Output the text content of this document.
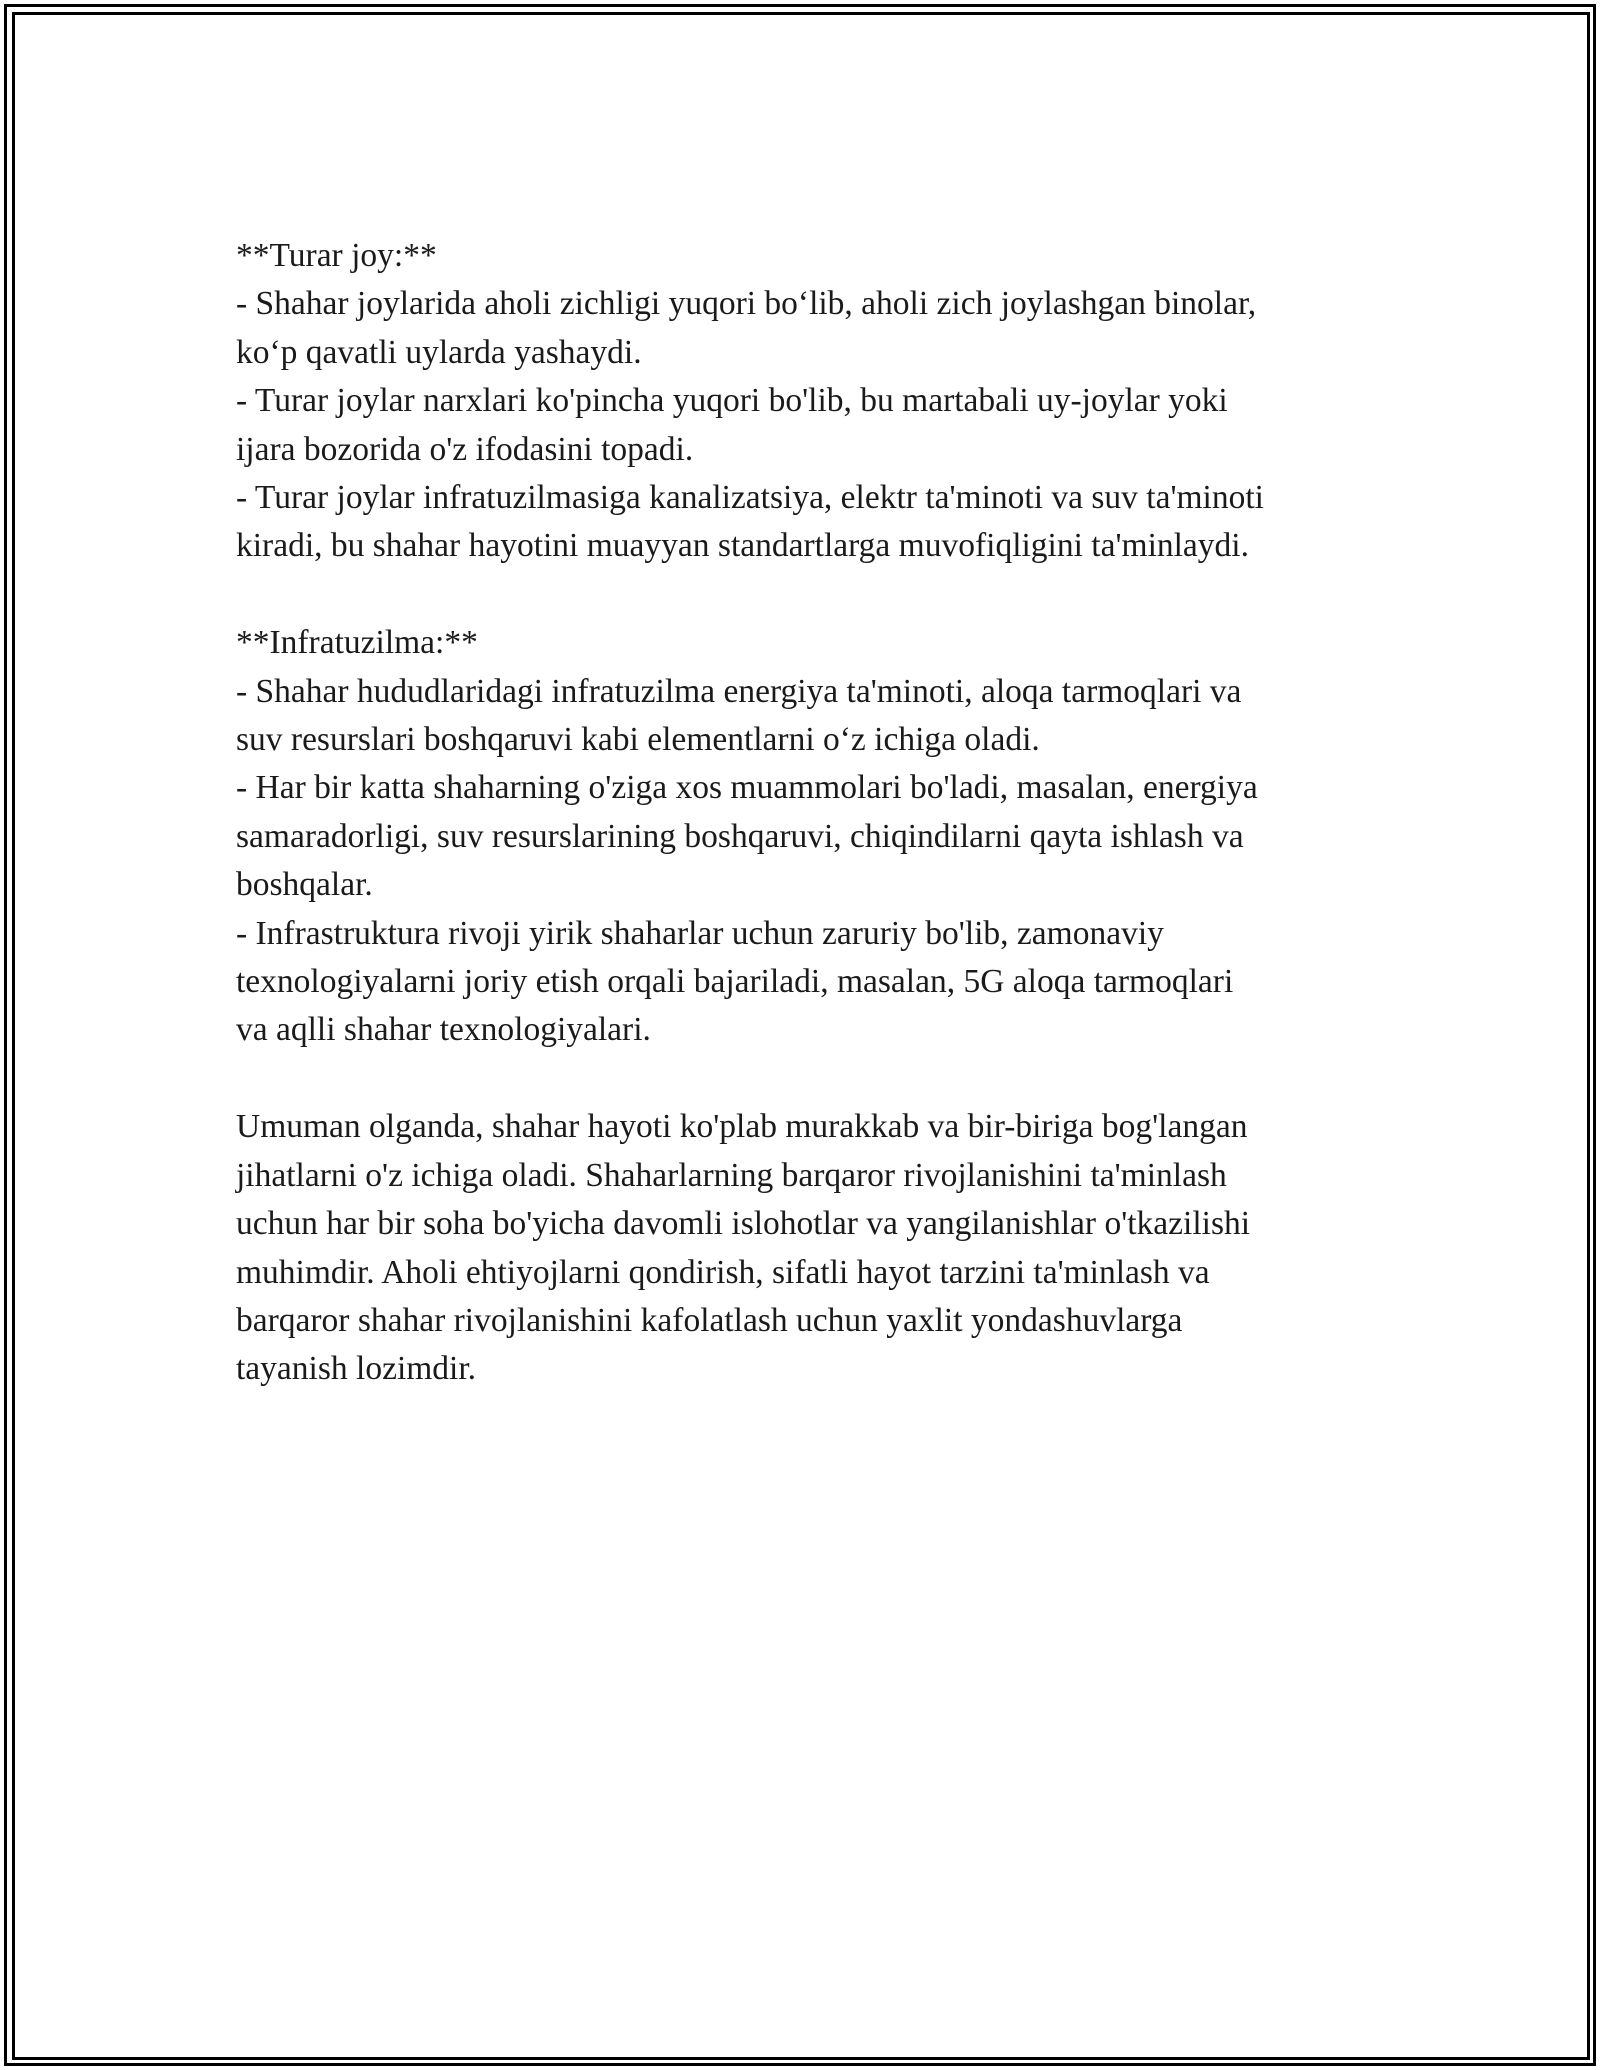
**Turar joy:**
- Shahar joylarida aholi zichligi yuqori bo‘lib, aholi zich joylashgan binolar,
ko‘p qavatli uylarda yashaydi.
- Turar joylar narxlari ko'pincha yuqori bo'lib, bu martabali uy-joylar yoki
ijara bozorida o'z ifodasini topadi.
- Turar joylar infratuzilmasiga kanalizatsiya, elektr ta'minoti va suv ta'minoti
kiradi, bu shahar hayotini muayyan standartlarga muvofiqligini ta'minlaydi.
**Infratuzilma:**
- Shahar hududlaridagi infratuzilma energiya ta'minoti, aloqa tarmoqlari va
suv resurslari boshqaruvi kabi elementlarni o‘z ichiga oladi.
- Har bir katta shaharning o'ziga xos muammolari bo'ladi, masalan, energiya
samaradorligi, suv resurslarining boshqaruvi, chiqindilarni qayta ishlash va
boshqalar.
- Infrastruktura rivoji yirik shaharlar uchun zaruriy bo'lib, zamonaviy
texnologiyalarni joriy etish orqali bajariladi, masalan, 5G aloqa tarmoqlari
va aqlli shahar texnologiyalari.
Umuman olganda, shahar hayoti ko'plab murakkab va bir-biriga bog'langan
jihatlarni o'z ichiga oladi. Shaharlarning barqaror rivojlanishini ta'minlash
uchun har bir soha bo'yicha davomli islohotlar va yangilanishlar o'tkazilishi
muhimdir. Aholi ehtiyojlarni qondirish, sifatli hayot tarzini ta'minlash va
barqaror shahar rivojlanishini kafolatlash uchun yaxlit yondashuvlarga
tayanish lozimdir.
